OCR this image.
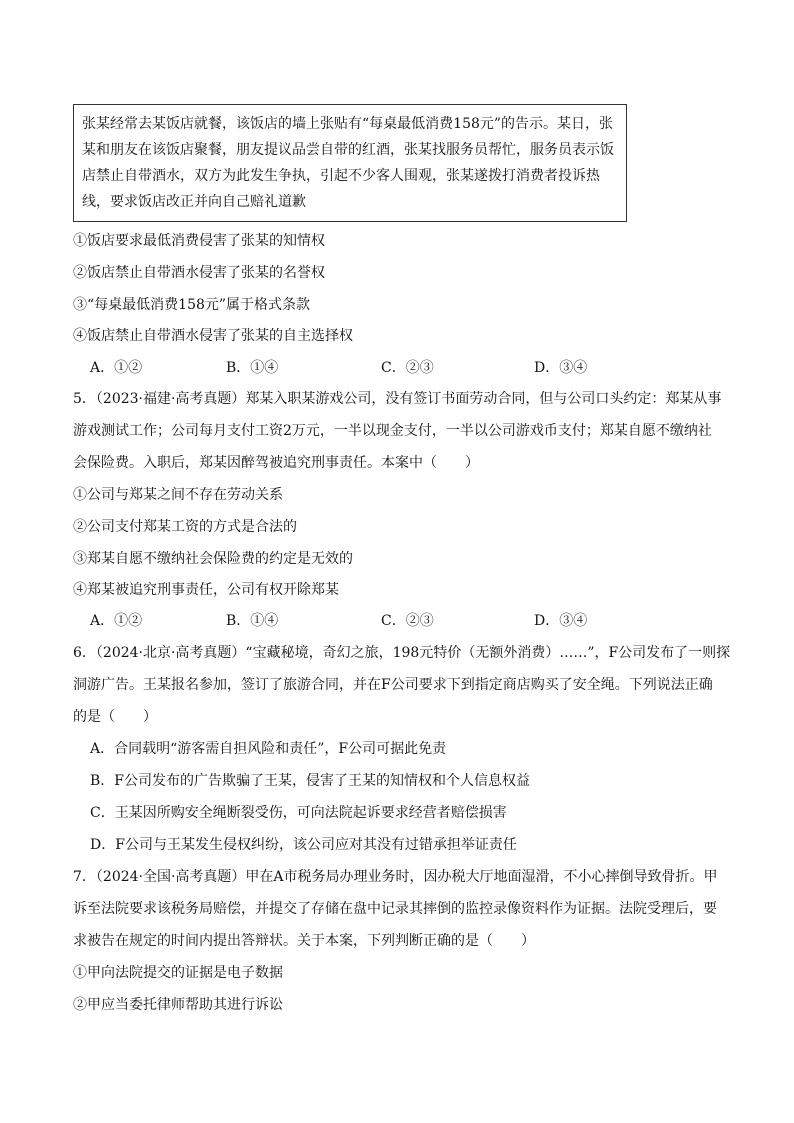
张某经常去某饭店就餐，该饭店的墙上张贴有“每桌最低消费158元”的告示。某日，张某和朋友在该饭店聚餐，朋友提议品尝自带的红酒，张某找服务员帮忙，服务员表示饭店禁止自带酒水，双方为此发生争执，引起不少客人围观，张某遂拨打消费者投诉热线，要求饭店改正并向自己赔礼道歉
①饭店要求最低消费侵害了张某的知情权
②饭店禁止自带酒水侵害了张某的名誉权
③“每桌最低消费158元”属于格式条款
④饭店禁止自带酒水侵害了张某的自主选择权
A．①②	B．①④	C．②③	D．③④
5．（2023·福建·高考真题）郑某入职某游戏公司，没有签订书面劳动合同，但与公司口头约定：郑某从事
游戏测试工作；公司每月支付工资2万元，一半以现金支付，一半以公司游戏币支付；郑某自愿不缴纳社
会保险费。入职后，郑某因醉驾被追究刑事责任。本案中（　　）
①公司与郑某之间不存在劳动关系
②公司支付郑某工资的方式是合法的
③郑某自愿不缴纳社会保险费的约定是无效的
④郑某被追究刑事责任，公司有权开除郑某
A．①②	B．①④	C．②③	D．③④
6．（2024·北京·高考真题）“宝藏秘境，奇幻之旅，198元特价（无额外消费）……”，F公司发布了一则探
洞游广告。王某报名参加，签订了旅游合同，并在F公司要求下到指定商店购买了安全绳。下列说法正确
的是（　　）
A．合同载明“游客需自担风险和责任”，F公司可据此免责
B．F公司发布的广告欺骗了王某，侵害了王某的知情权和个人信息权益
C．王某因所购安全绳断裂受伤，可向法院起诉要求经营者赔偿损害
D．F公司与王某发生侵权纠纷，该公司应对其没有过错承担举证责任
7．（2024·全国·高考真题）甲在A市税务局办理业务时，因办税大厅地面湿滑，不小心摔倒导致骨折。甲
诉至法院要求该税务局赔偿，并提交了存储在盘中记录其摔倒的监控录像资料作为证据。法院受理后，要
求被告在规定的时间内提出答辩状。关于本案，下列判断正确的是（　　）
①甲向法院提交的证据是电子数据
②甲应当委托律师帮助其进行诉讼
